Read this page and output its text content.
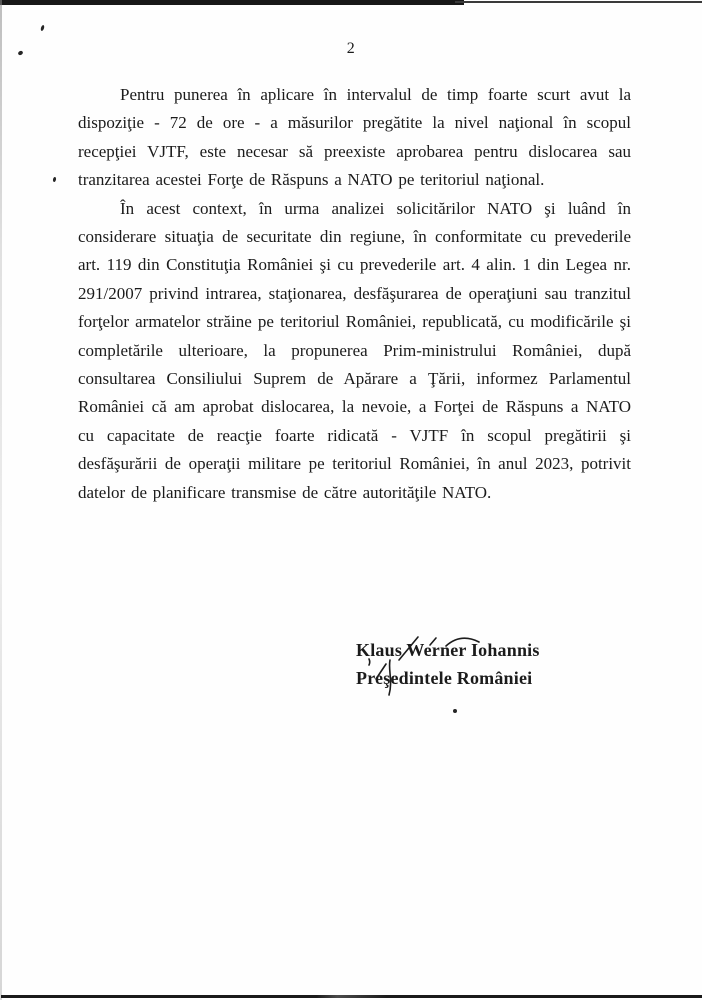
2

Pentru punerea în aplicare în intervalul de timp foarte scurt avut la dispoziţie - 72 de ore - a măsurilor pregătite la nivel naţional în scopul recepţiei VJTF, este necesar să preexiste aprobarea pentru dislocarea sau tranzitarea acestei Forţe de Răspuns a NATO pe teritoriul naţional.

În acest context, în urma analizei solicitărilor NATO şi luând în considerare situaţia de securitate din regiune, în conformitate cu prevederile art. 119 din Constituţia României şi cu prevederile art. 4 alin. 1 din Legea nr. 291/2007 privind intrarea, staţionarea, desfăşurarea de operaţiuni sau tranzitul forţelor armatelor străine pe teritoriul României, republicată, cu modificările şi completările ulterioare, la propunerea Prim-ministrului României, după consultarea Consiliului Suprem de Apărare a Ţării, informez Parlamentul României că am aprobat dislocarea, la nevoie, a Forţei de Răspuns a NATO cu capacitate de reacţie foarte ridicată - VJTF în scopul pregătirii şi desfăşurării de operaţii militare pe teritoriul României, în anul 2023, potrivit datelor de planificare transmise de către autorităţile NATO.

Klaus Werner Iohannis
Preşedintele României
